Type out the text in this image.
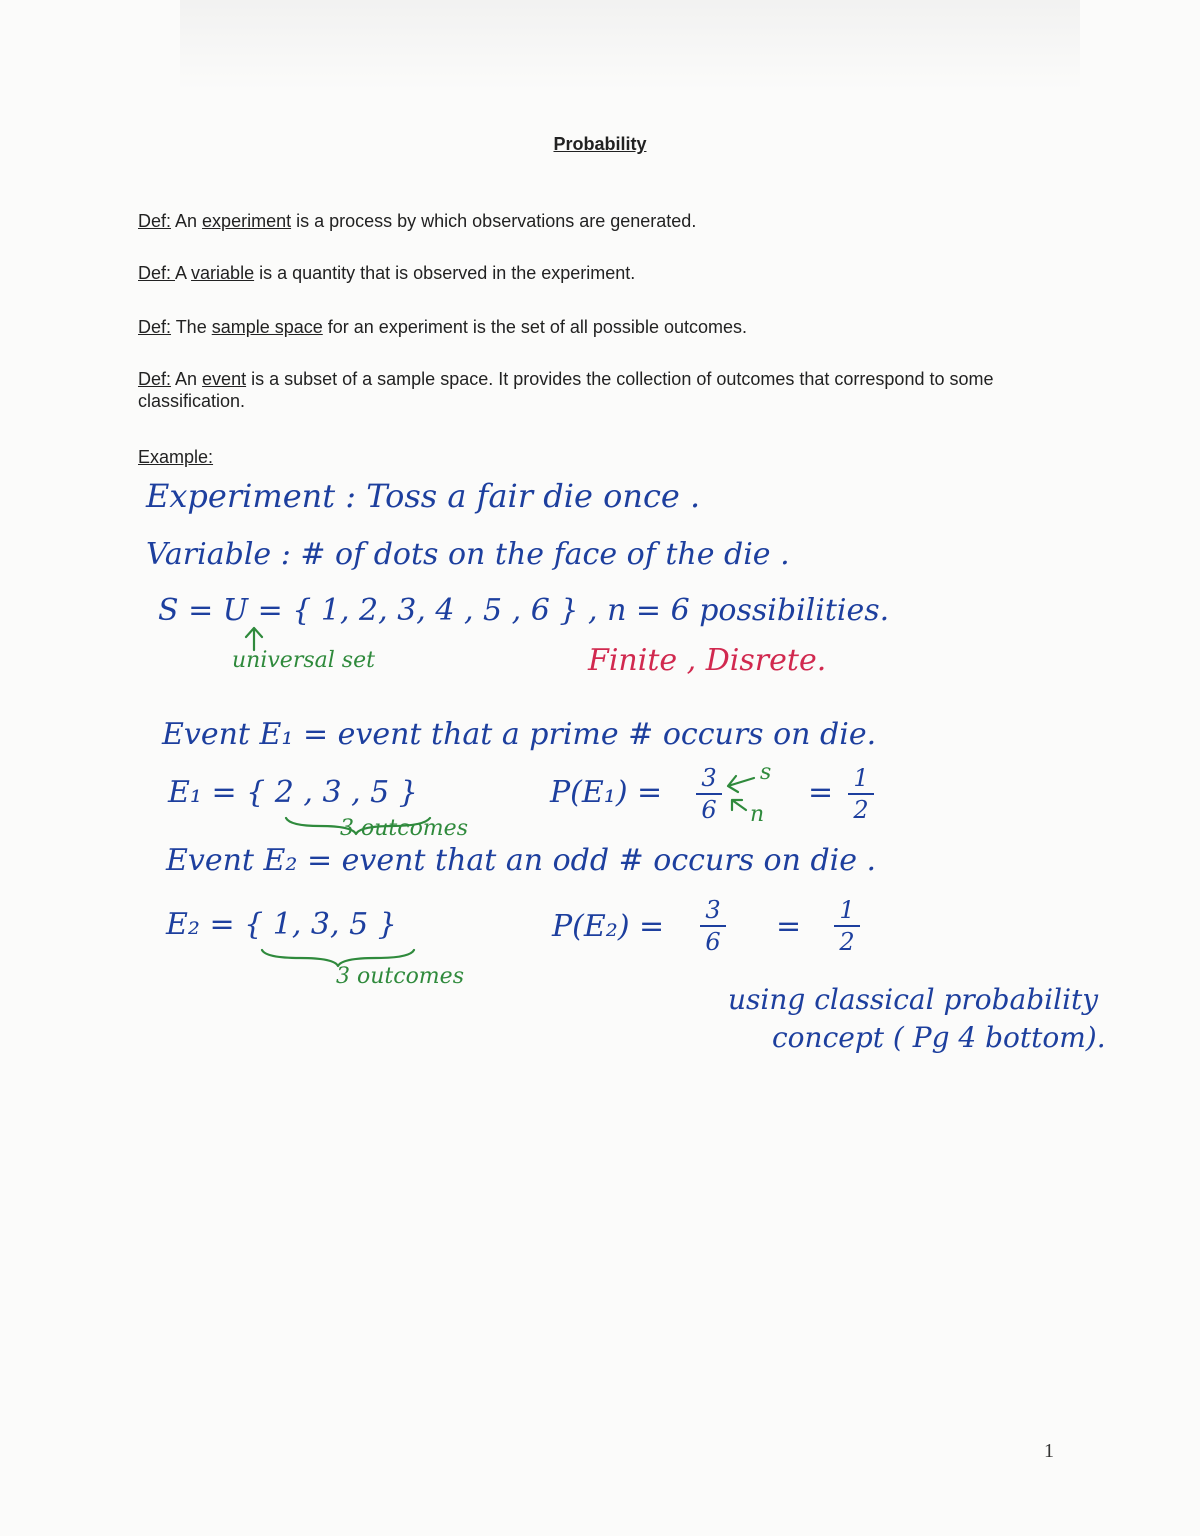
Probability
Def: An experiment is a process by which observations are generated.
Def: A variable is a quantity that is observed in the experiment.
Def: The sample space for an experiment is the set of all possible outcomes.
Def: An event is a subset of a sample space. It provides the collection of outcomes that correspond to some classification.
Example:
Experiment : Toss a fair die once .
Variable : # of dots on the face of the die .
S = U = { 1, 2, 3, 4 , 5 , 6 } , n = 6 possibilities.
universal set	Finite , Disrete.
Event E₁ = event that a prime # occurs on die.
E₁ = { 2 , 3 , 5 }
3 outcomes
P(E₁) = 3
6
s
n
= 1
2
Event E₂ = event that an odd # occurs on die .
E₂ = { 1, 3, 5 }
3 outcomes
P(E₂) = 3
6 = 1
2
using classical probability
concept ( Pg 4 bottom).
1
